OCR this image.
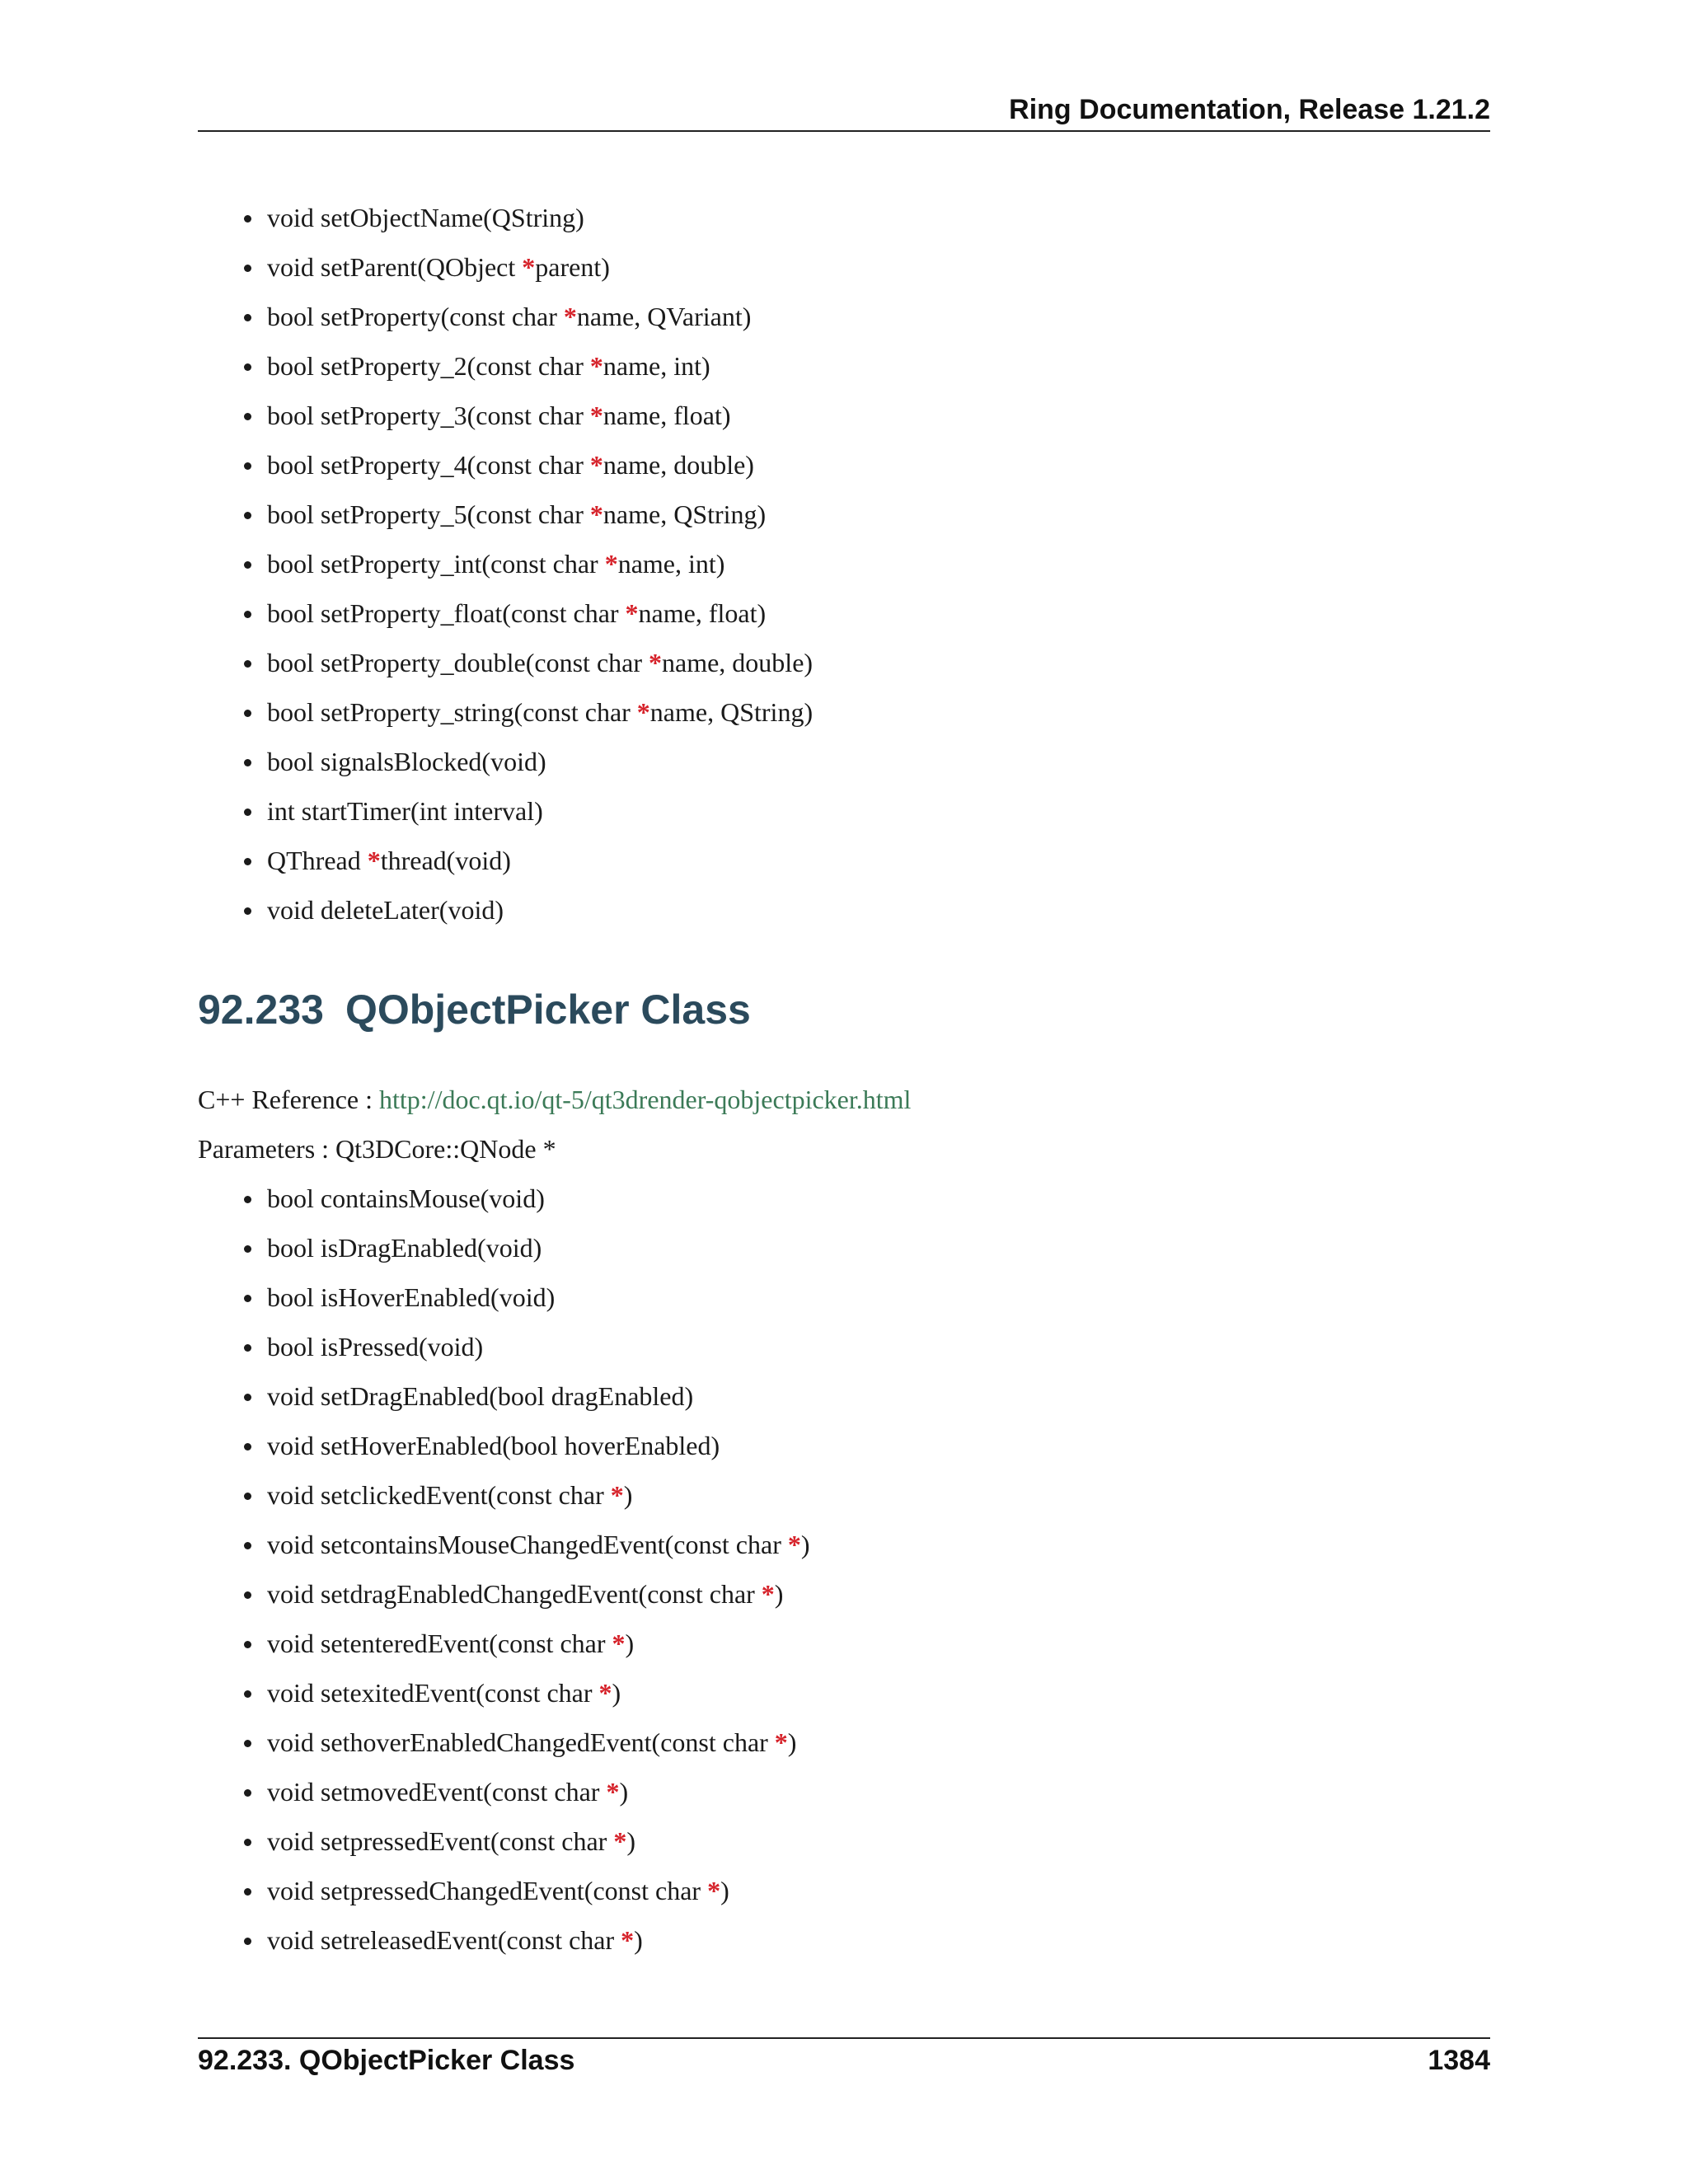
Ring Documentation, Release 1.21.2
void setObjectName(QString)
void setParent(QObject *parent)
bool setProperty(const char *name, QVariant)
bool setProperty_2(const char *name, int)
bool setProperty_3(const char *name, float)
bool setProperty_4(const char *name, double)
bool setProperty_5(const char *name, QString)
bool setProperty_int(const char *name, int)
bool setProperty_float(const char *name, float)
bool setProperty_double(const char *name, double)
bool setProperty_string(const char *name, QString)
bool signalsBlocked(void)
int startTimer(int interval)
QThread *thread(void)
void deleteLater(void)
92.233 QObjectPicker Class
C++ Reference : http://doc.qt.io/qt-5/qt3drender-qobjectpicker.html
Parameters : Qt3DCore::QNode *
bool containsMouse(void)
bool isDragEnabled(void)
bool isHoverEnabled(void)
bool isPressed(void)
void setDragEnabled(bool dragEnabled)
void setHoverEnabled(bool hoverEnabled)
void setclickedEvent(const char *)
void setcontainsMouseChangedEvent(const char *)
void setdragEnabledChangedEvent(const char *)
void setenteredEvent(const char *)
void setexitedEvent(const char *)
void sethoverEnabledChangedEvent(const char *)
void setmovedEvent(const char *)
void setpressedEvent(const char *)
void setpressedChangedEvent(const char *)
void setreleasedEvent(const char *)
92.233. QObjectPicker Class	1384
